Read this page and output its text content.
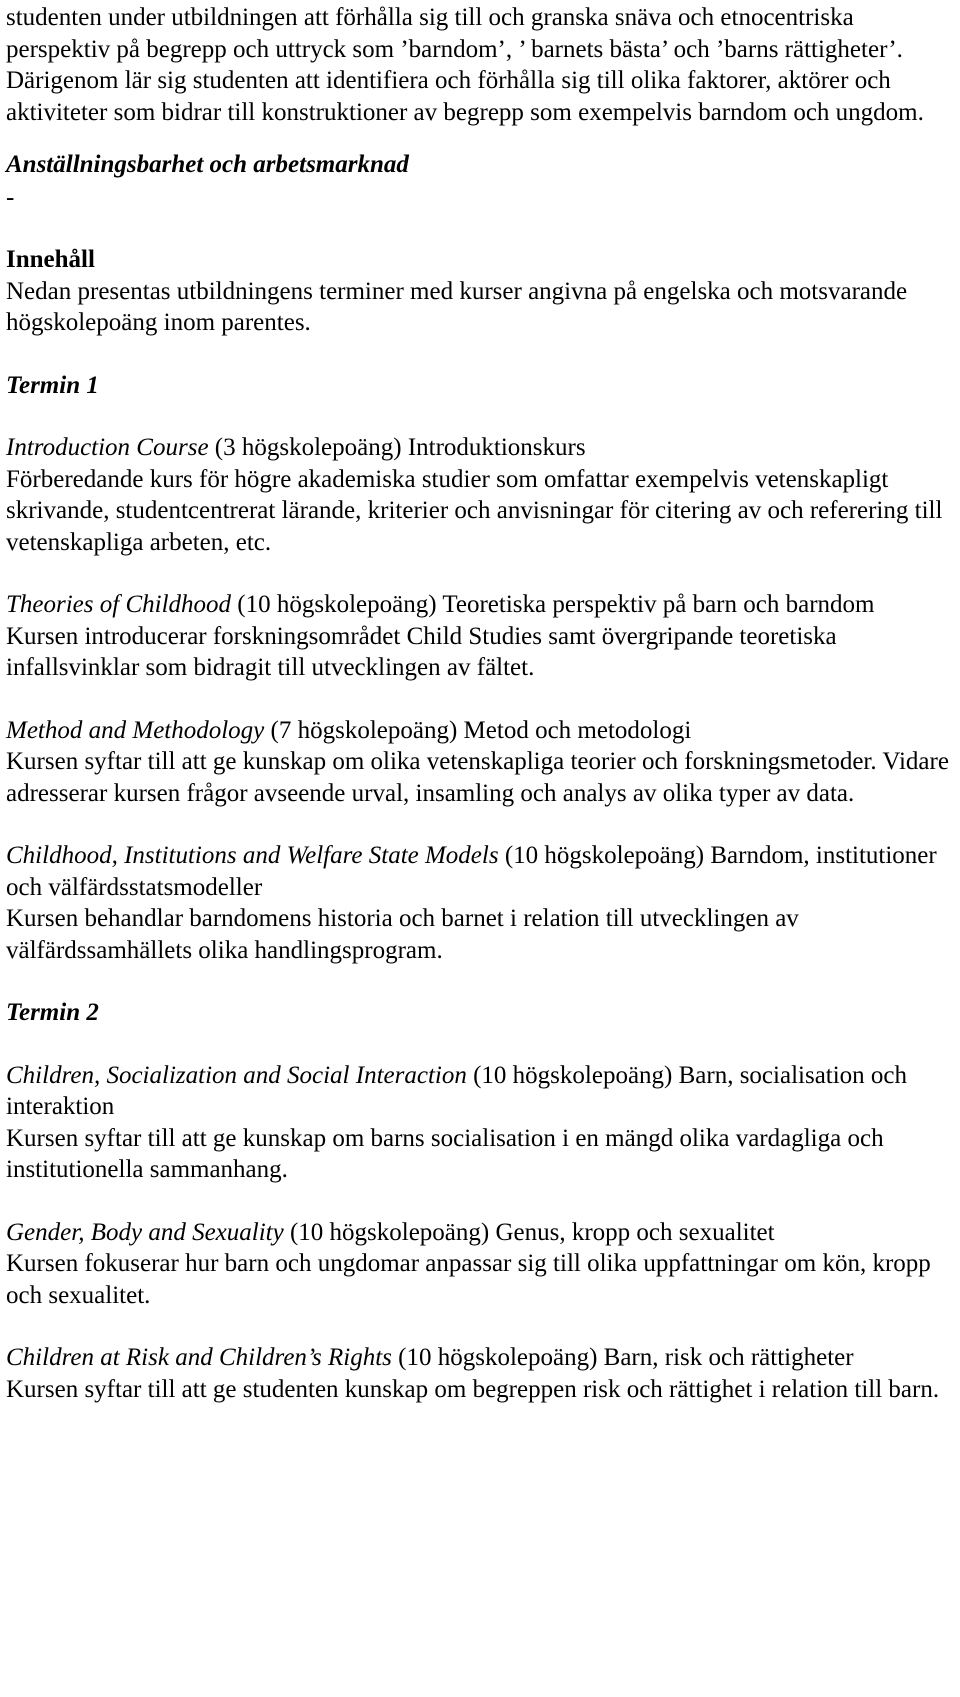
studenten under utbildningen att förhålla sig till och granska snäva och etnocentriska perspektiv på begrepp och uttryck som ’barndom’, ’ barnets bästa’ och ’barns rättigheter’. Därigenom lär sig studenten att identifiera och förhålla sig till olika faktorer, aktörer och aktiviteter som bidrar till konstruktioner av begrepp som exempelvis barndom och ungdom.

Anställningsbarhet och arbetsmarknad

-

Innehåll

Nedan presentas utbildningens terminer med kurser angivna på engelska och motsvarande högskolepoäng inom parentes.

Termin 1

Introduction Course (3 högskolepoäng) Introduktionskurs

Förberedande kurs för högre akademiska studier som omfattar exempelvis vetenskapligt skrivande, studentcentrerat lärande, kriterier och anvisningar för citering av och referering till vetenskapliga arbeten, etc.

Theories of Childhood (10 högskolepoäng) Teoretiska perspektiv på barn och barndom

Kursen introducerar forskningsområdet Child Studies samt övergripande teoretiska infallsvinklar som bidragit till utvecklingen av fältet.

Method and Methodology (7 högskolepoäng) Metod och metodologi

Kursen syftar till att ge kunskap om olika vetenskapliga teorier och forskningsmetoder. Vidare adresserar kursen frågor avseende urval, insamling och analys av olika typer av data.

Childhood, Institutions and Welfare State Models (10 högskolepoäng) Barndom, institutioner och välfärdsstatsmodeller

Kursen behandlar barndomens historia och barnet i relation till utvecklingen av välfärdssamhällets olika handlingsprogram.

Termin 2

Children, Socialization and Social Interaction (10 högskolepoäng) Barn, socialisation och interaktion

Kursen syftar till att ge kunskap om barns socialisation i en mängd olika vardagliga och institutionella sammanhang.

Gender, Body and Sexuality (10 högskolepoäng) Genus, kropp och sexualitet

Kursen fokuserar hur barn och ungdomar anpassar sig till olika uppfattningar om kön, kropp och sexualitet.

Children at Risk and Children’s Rights (10 högskolepoäng) Barn, risk och rättigheter

Kursen syftar till att ge studenten kunskap om begreppen risk och rättighet i relation till barn.
